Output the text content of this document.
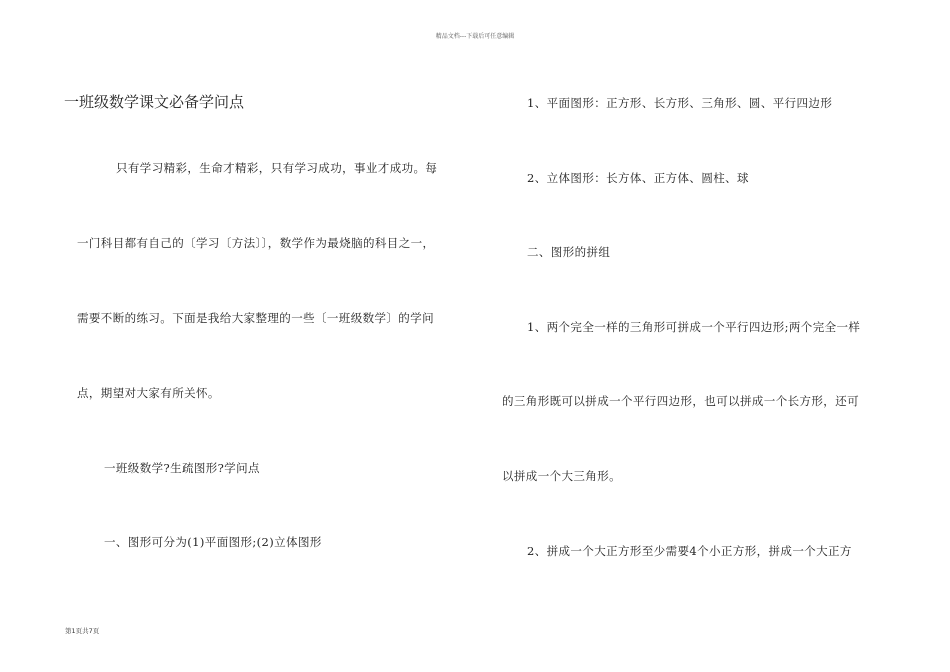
精品文档---下载后可任意编辑
一班级数学课文必备学问点
只有学习精彩，生命才精彩，只有学习成功，事业才成功。每
一门科目都有自己的〔学习〔方法〕〕，数学作为最烧脑的科目之一，
需要不断的练习。下面是我给大家整理的一些〔一班级数学〕的学问
点，期望对大家有所关怀。
一班级数学?生疏图形?学问点
一、图形可分为(1)平面图形;(2)立体图形
1、平面图形：正方形、长方形、三角形、圆、平行四边形
2、立体图形：长方体、正方体、圆柱、球
二、图形的拼组
1、两个完全一样的三角形可拼成一个平行四边形;两个完全一样
的三角形既可以拼成一个平行四边形，也可以拼成一个长方形，还可
以拼成一个大三角形。
2、拼成一个大正方形至少需要4个小正方形，拼成一个大正方
第1页共7页
